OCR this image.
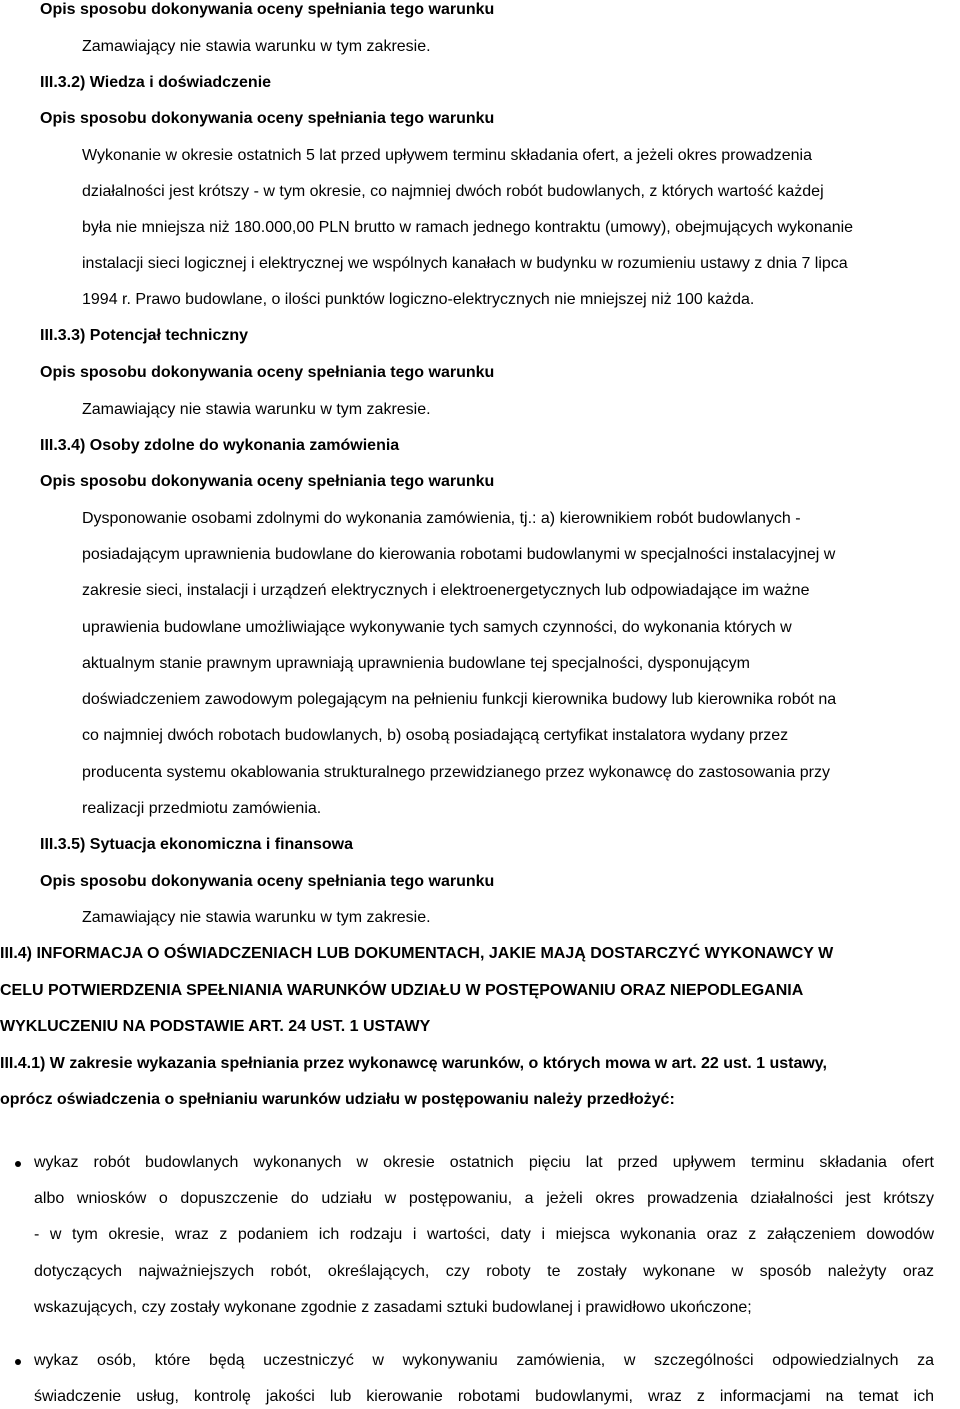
Opis sposobu dokonywania oceny spełniania tego warunku
Zamawiający nie stawia warunku w tym zakresie.
III.3.2) Wiedza i doświadczenie
Opis sposobu dokonywania oceny spełniania tego warunku
Wykonanie w okresie ostatnich 5 lat przed upływem terminu składania ofert, a jeżeli okres prowadzenia
działalności jest krótszy - w tym okresie, co najmniej dwóch robót budowlanych, z których wartość każdej
była nie mniejsza niż 180.000,00 PLN brutto w ramach jednego kontraktu (umowy), obejmujących wykonanie
instalacji sieci logicznej i elektrycznej we wspólnych kanałach w budynku w rozumieniu ustawy z dnia 7 lipca
1994 r. Prawo budowlane, o ilości punktów logiczno-elektrycznych nie mniejszej niż 100 każda.
III.3.3) Potencjał techniczny
Opis sposobu dokonywania oceny spełniania tego warunku
Zamawiający nie stawia warunku w tym zakresie.
III.3.4) Osoby zdolne do wykonania zamówienia
Opis sposobu dokonywania oceny spełniania tego warunku
Dysponowanie osobami zdolnymi do wykonania zamówienia, tj.: a) kierownikiem robót budowlanych -
posiadającym uprawnienia budowlane do kierowania robotami budowlanymi w specjalności instalacyjnej w
zakresie sieci, instalacji i urządzeń elektrycznych i elektroenergetycznych lub odpowiadające im ważne
uprawienia budowlane umożliwiające wykonywanie tych samych czynności, do wykonania których w
aktualnym stanie prawnym uprawniają uprawnienia budowlane tej specjalności, dysponującym
doświadczeniem zawodowym polegającym na pełnieniu funkcji kierownika budowy lub kierownika robót na
co najmniej dwóch robotach budowlanych, b) osobą posiadającą certyfikat instalatora wydany przez
producenta systemu okablowania strukturalnego przewidzianego przez wykonawcę do zastosowania przy
realizacji przedmiotu zamówienia.
III.3.5) Sytuacja ekonomiczna i finansowa
Opis sposobu dokonywania oceny spełniania tego warunku
Zamawiający nie stawia warunku w tym zakresie.
III.4) INFORMACJA O OŚWIADCZENIACH LUB DOKUMENTACH, JAKIE MAJĄ DOSTARCZYĆ WYKONAWCY W
CELU POTWIERDZENIA SPEŁNIANIA WARUNKÓW UDZIAŁU W POSTĘPOWANIU ORAZ NIEPODLEGANIA
WYKLUCZENIU NA PODSTAWIE ART. 24 UST. 1 USTAWY
III.4.1) W zakresie wykazania spełniania przez wykonawcę warunków, o których mowa w art. 22 ust. 1 ustawy,
oprócz oświadczenia o spełnianiu warunków udziału w postępowaniu należy przedłożyć:
wykaz robót budowlanych wykonanych w okresie ostatnich pięciu lat przed upływem terminu składania ofert
albo wniosków o dopuszczenie do udziału w postępowaniu, a jeżeli okres prowadzenia działalności jest krótszy
- w tym okresie, wraz z podaniem ich rodzaju i wartości, daty i miejsca wykonania oraz z załączeniem dowodów
dotyczących najważniejszych robót, określających, czy roboty te zostały wykonane w sposób należyty oraz
wskazujących, czy zostały wykonane zgodnie z zasadami sztuki budowlanej i prawidłowo ukończone;
wykaz osób, które będą uczestniczyć w wykonywaniu zamówienia, w szczególności odpowiedzialnych za
świadczenie usług, kontrolę jakości lub kierowanie robotami budowlanymi, wraz z informacjami na temat ich
